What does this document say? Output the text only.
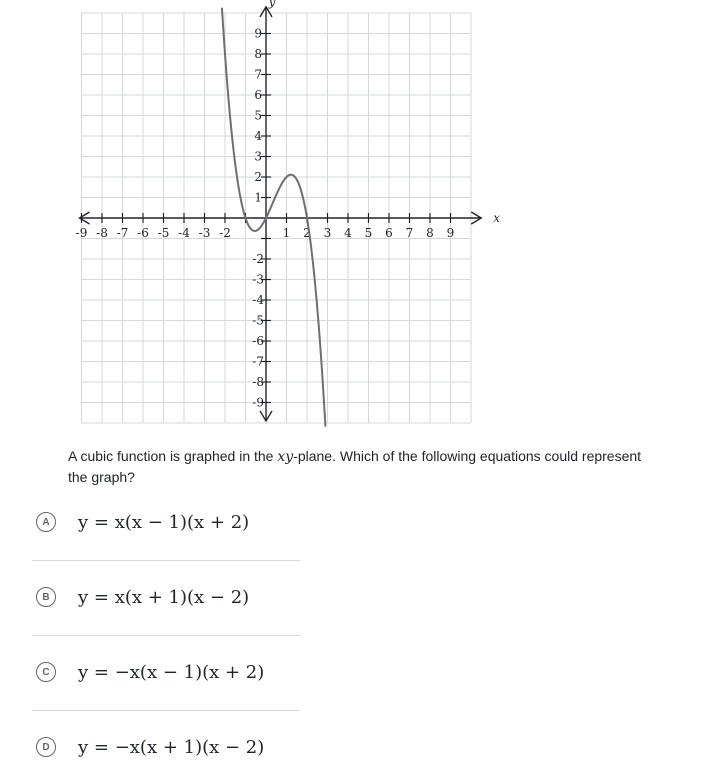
-9 -8 -7 -6 -5 -4 -3 -2	1 2 3 4 5 6 7 8 9
9
8
7
6
5
4
3
2
1
-2
-3
-4
-5
-6
-7
-8
-9
x
y
A cubic function is graphed in the xy-plane. Which of the following equations could represent the graph?
A	y = x(x − 1)(x + 2)
B	y = x(x + 1)(x − 2)
C	y = −x(x − 1)(x + 2)
D	y = −x(x + 1)(x − 2)
